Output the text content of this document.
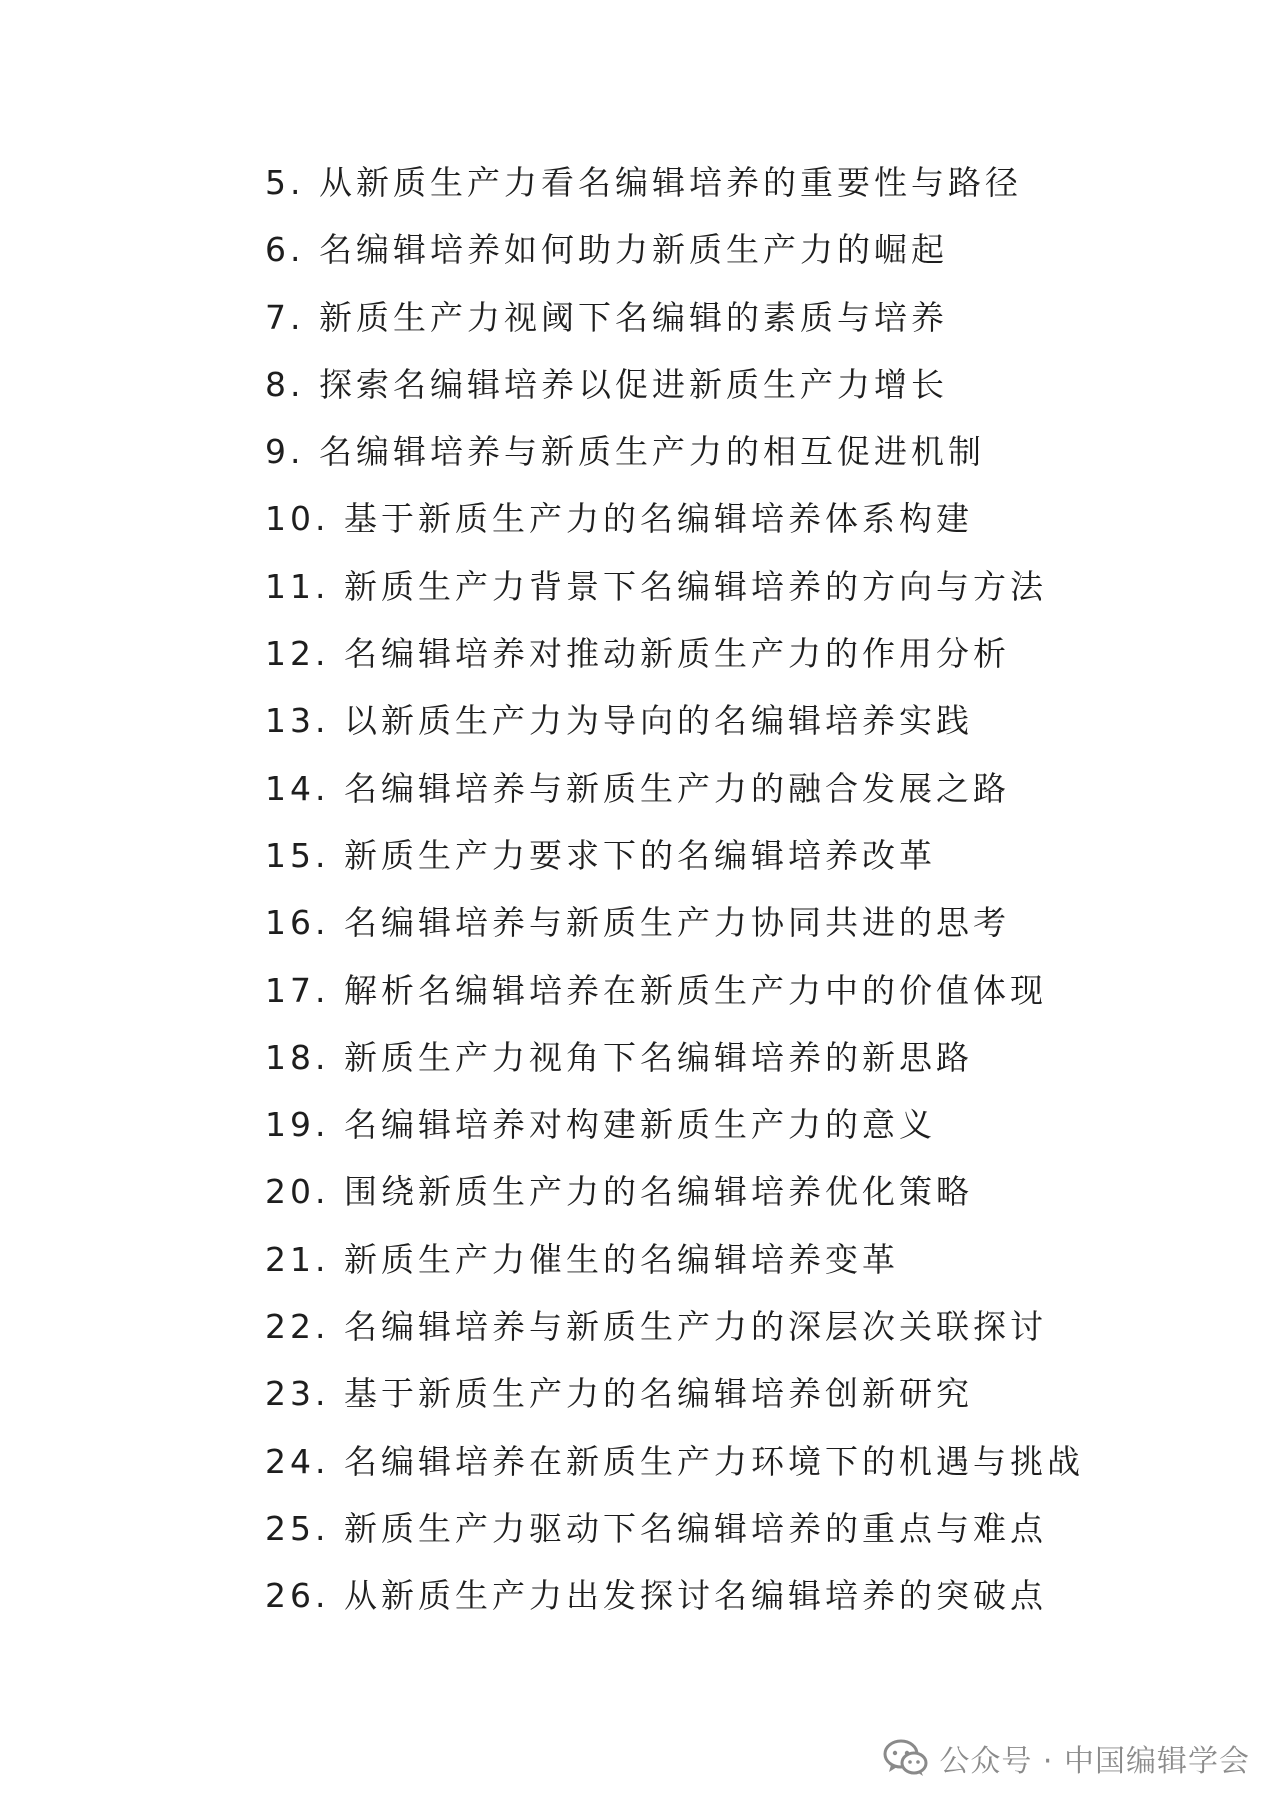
5. 从新质生产力看名编辑培养的重要性与路径
6. 名编辑培养如何助力新质生产力的崛起
7. 新质生产力视阈下名编辑的素质与培养
8. 探索名编辑培养以促进新质生产力增长
9. 名编辑培养与新质生产力的相互促进机制
10. 基于新质生产力的名编辑培养体系构建
11. 新质生产力背景下名编辑培养的方向与方法
12. 名编辑培养对推动新质生产力的作用分析
13. 以新质生产力为导向的名编辑培养实践
14. 名编辑培养与新质生产力的融合发展之路
15. 新质生产力要求下的名编辑培养改革
16. 名编辑培养与新质生产力协同共进的思考
17. 解析名编辑培养在新质生产力中的价值体现
18. 新质生产力视角下名编辑培养的新思路
19. 名编辑培养对构建新质生产力的意义
20. 围绕新质生产力的名编辑培养优化策略
21. 新质生产力催生的名编辑培养变革
22. 名编辑培养与新质生产力的深层次关联探讨
23. 基于新质生产力的名编辑培养创新研究
24. 名编辑培养在新质生产力环境下的机遇与挑战
25. 新质生产力驱动下名编辑培养的重点与难点
26. 从新质生产力出发探讨名编辑培养的突破点
公众号 · 中国编辑学会
